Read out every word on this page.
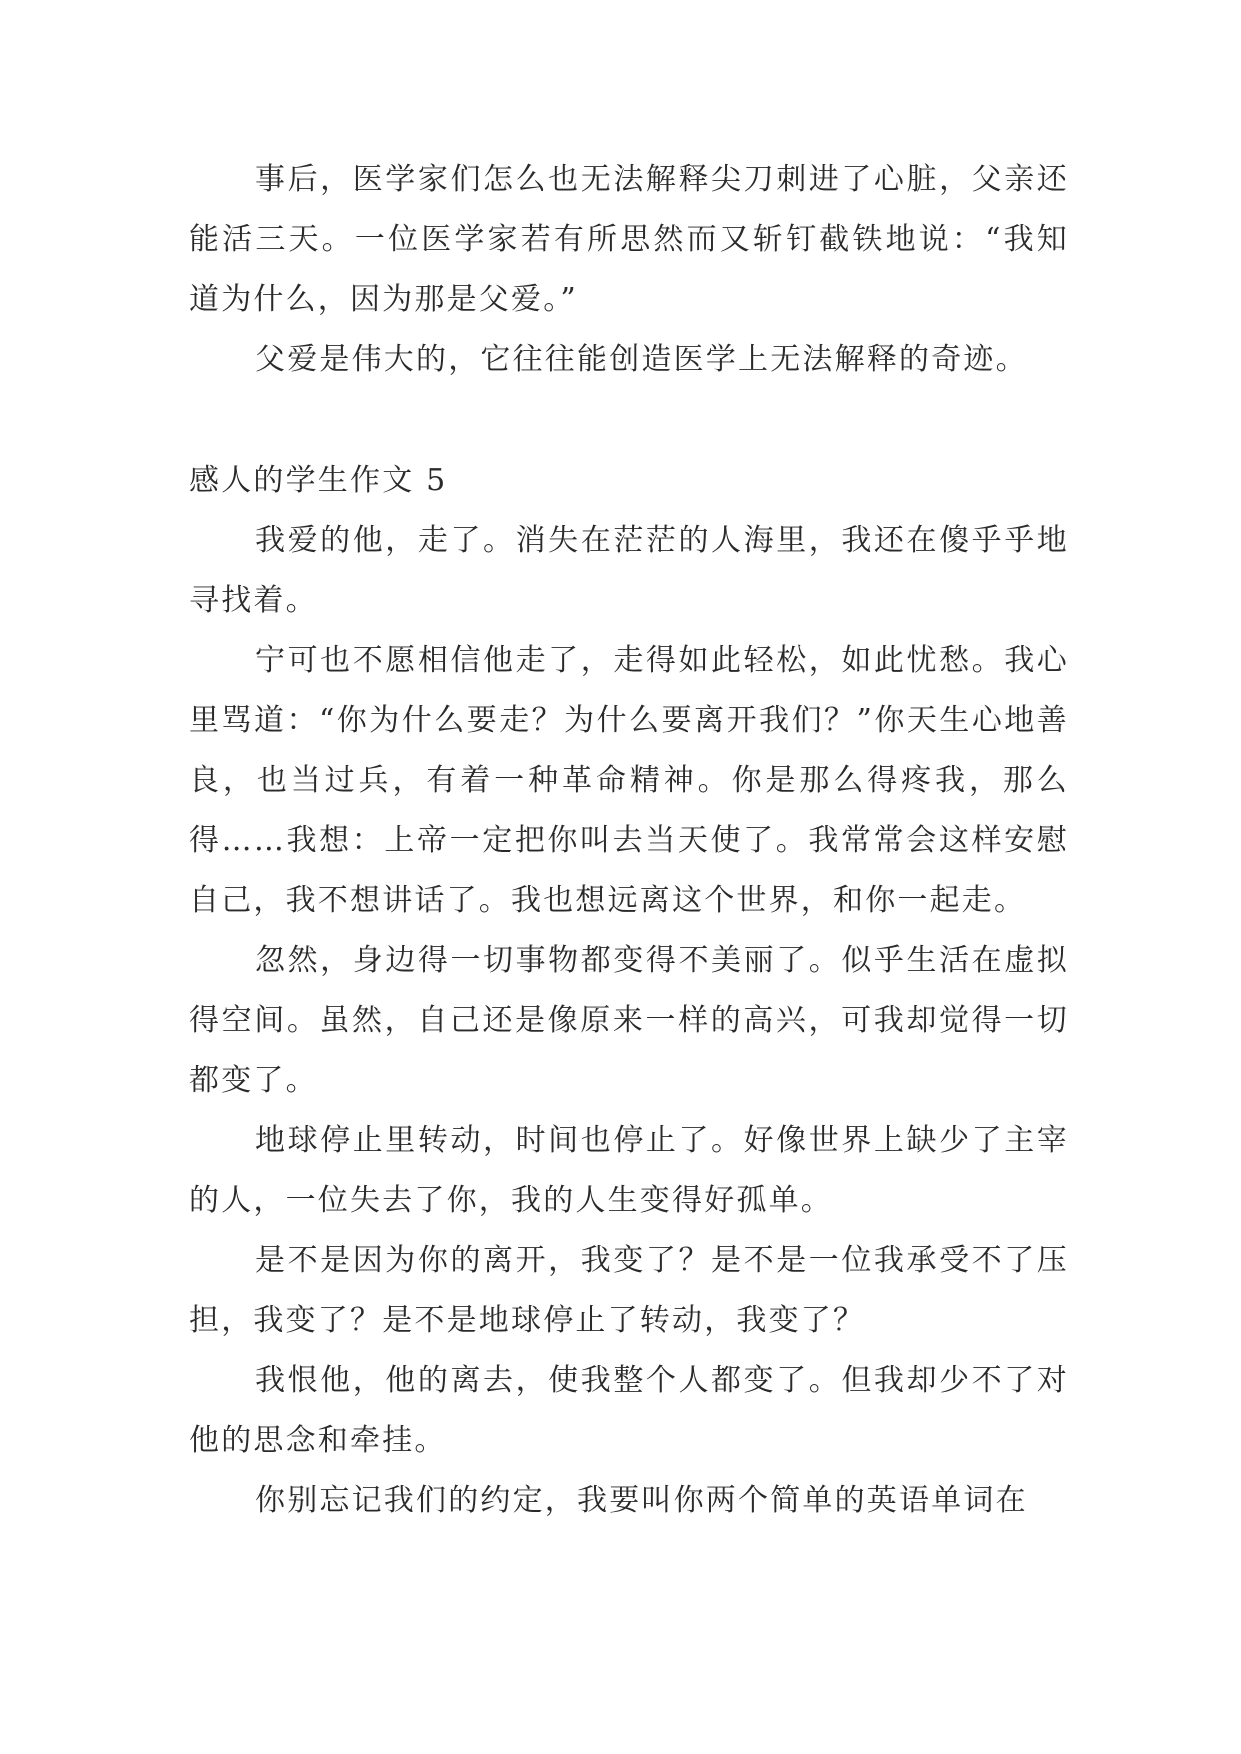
事后，医学家们怎么也无法解释尖刀刺进了心脏，父亲还能活三天。一位医学家若有所思然而又斩钉截铁地说：“我知道为什么，因为那是父爱。”

父爱是伟大的，它往往能创造医学上无法解释的奇迹。

感人的学生作文 5

我爱的他，走了。消失在茫茫的人海里，我还在傻乎乎地寻找着。

宁可也不愿相信他走了，走得如此轻松，如此忧愁。我心里骂道：“你为什么要走？为什么要离开我们？”你天生心地善良，也当过兵，有着一种革命精神。你是那么得疼我，那么得……我想：上帝一定把你叫去当天使了。我常常会这样安慰自己，我不想讲话了。我也想远离这个世界，和你一起走。

忽然，身边得一切事物都变得不美丽了。似乎生活在虚拟得空间。虽然，自己还是像原来一样的高兴，可我却觉得一切都变了。

地球停止里转动，时间也停止了。好像世界上缺少了主宰的人，一位失去了你，我的人生变得好孤单。

是不是因为你的离开，我变了？是不是一位我承受不了压担，我变了？是不是地球停止了转动，我变了？

我恨他，他的离去，使我整个人都变了。但我却少不了对他的思念和牵挂。

你别忘记我们的约定，我要叫你两个简单的英语单词在
